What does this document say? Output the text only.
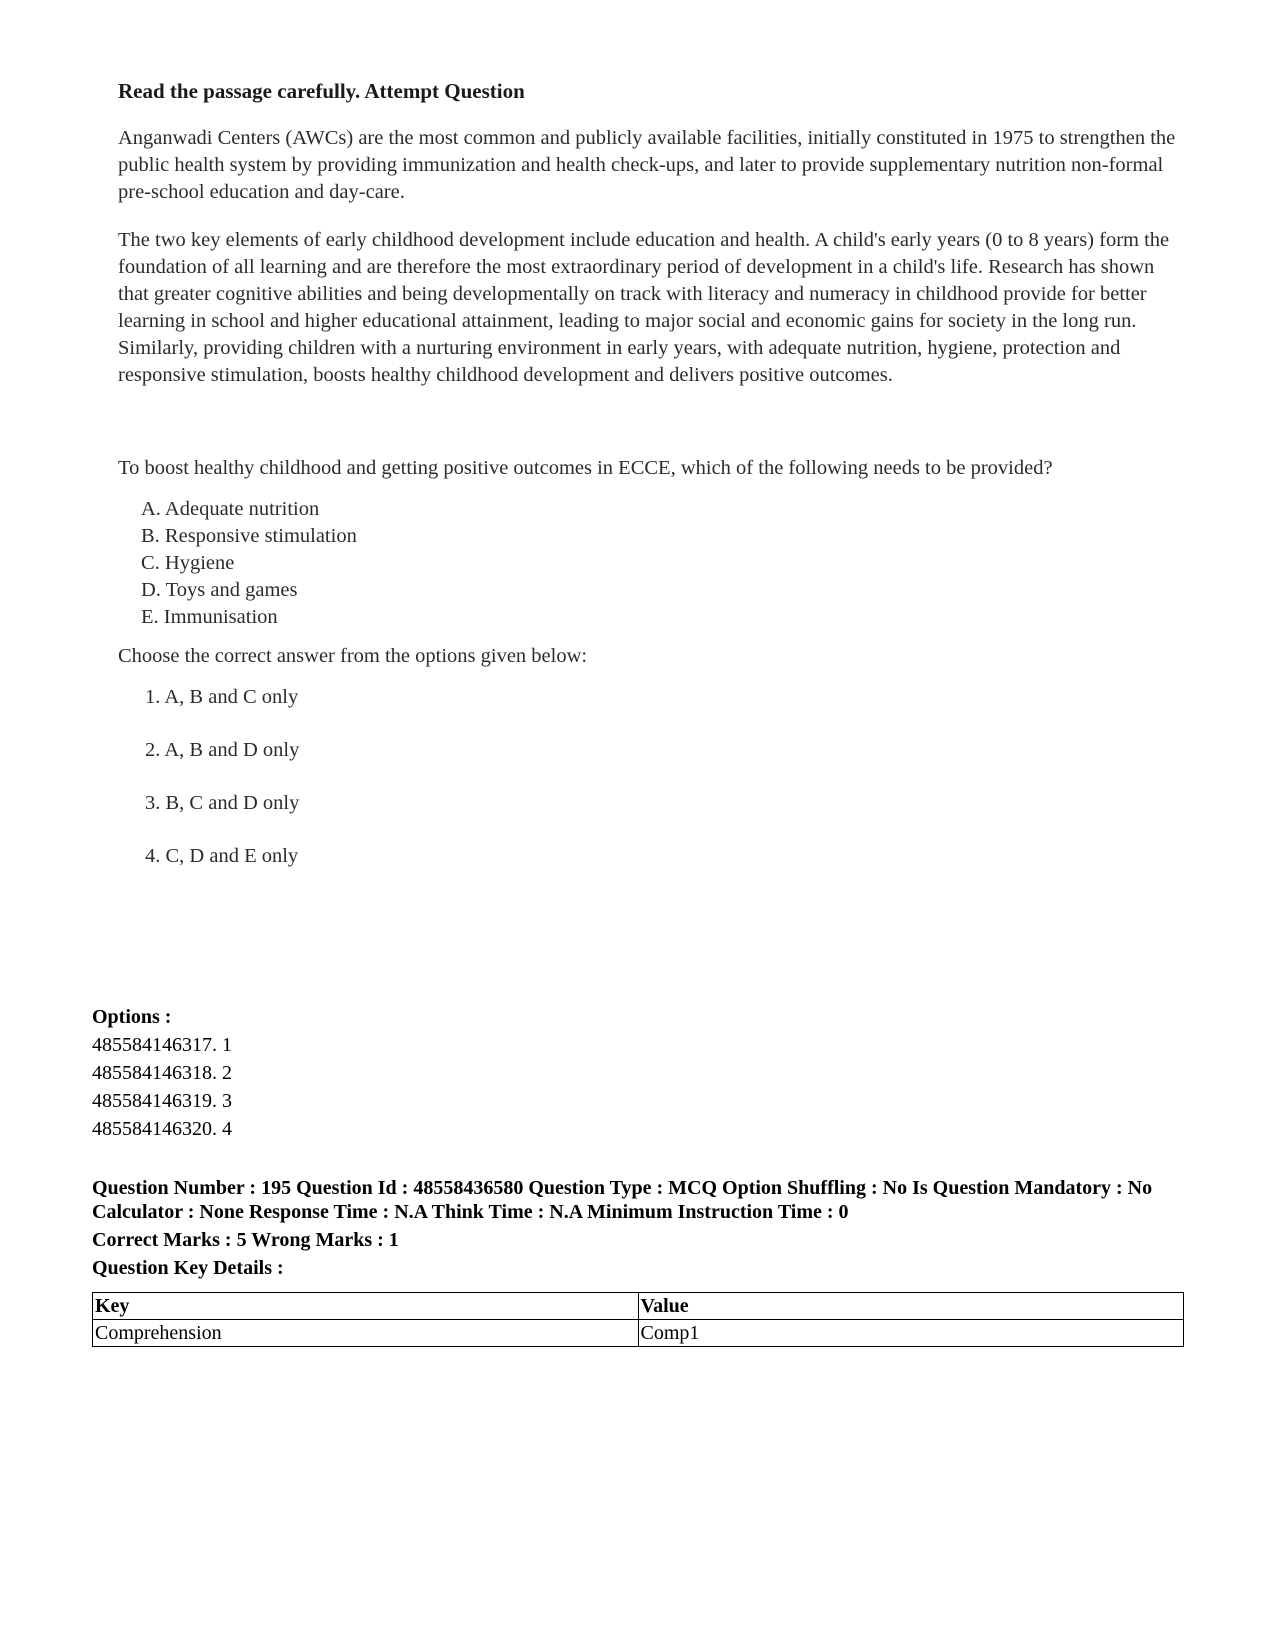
Read the passage carefully. Attempt Question

Anganwadi Centers (AWCs) are the most common and publicly available facilities, initially constituted in 1975 to strengthen the public health system by providing immunization and health check-ups, and later to provide supplementary nutrition non-formal pre-school education and day-care.

The two key elements of early childhood development include education and health. A child's early years (0 to 8 years) form the foundation of all learning and are therefore the most extraordinary period of development in a child's life. Research has shown that greater cognitive abilities and being developmentally on track with literacy and numeracy in childhood provide for better learning in school and higher educational attainment, leading to major social and economic gains for society in the long run. Similarly, providing children with a nurturing environment in early years, with adequate nutrition, hygiene, protection and responsive stimulation, boosts healthy childhood development and delivers positive outcomes.

To boost healthy childhood and getting positive outcomes in ECCE, which of the following needs to be provided?

A. Adequate nutrition
B. Responsive stimulation
C. Hygiene
D. Toys and games
E. Immunisation

Choose the correct answer from the options given below:

1. A, B and C only
2. A, B and D only
3. B, C and D only
4. C, D and E only
Options :
485584146317. 1
485584146318. 2
485584146319. 3
485584146320. 4
Question Number : 195 Question Id : 48558436580 Question Type : MCQ Option Shuffling : No Is Question Mandatory : No Calculator : None Response Time : N.A Think Time : N.A Minimum Instruction Time : 0
Correct Marks : 5 Wrong Marks : 1
Question Key Details :
Key	Value
Comprehension	Comp1
